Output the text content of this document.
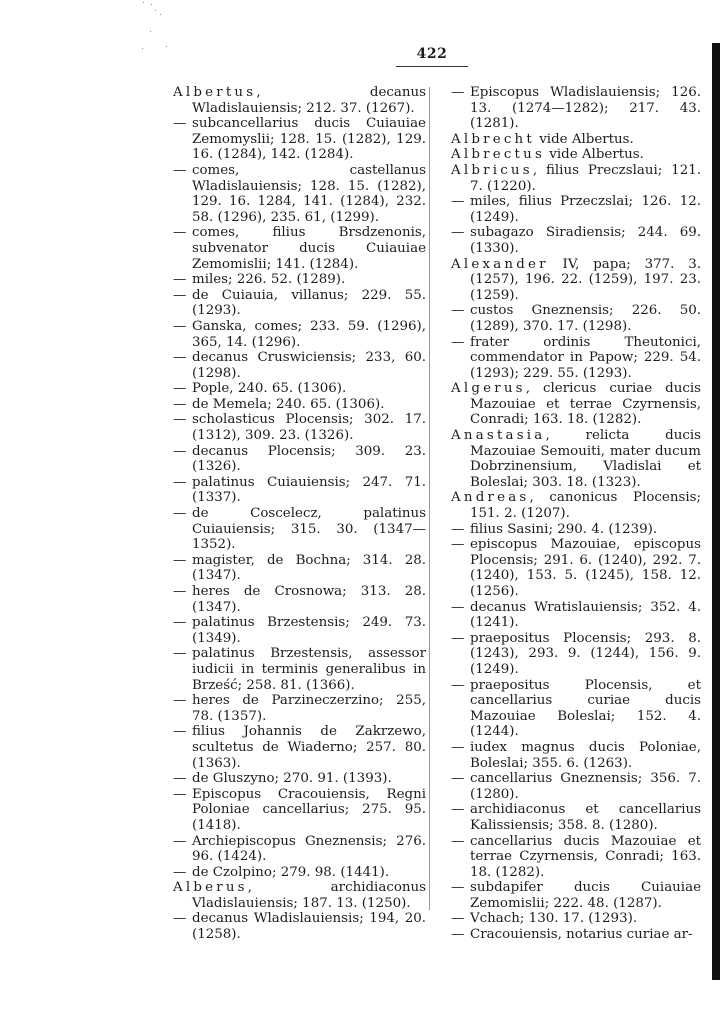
422

Albertus, decanus Wladislauiensis; 212. 37. (1267).

— subcancellarius ducis Cuiauiae Zemomyslii; 128. 15. (1282), 129. 16. (1284), 142. (1284).

— comes, castellanus Wladislauiensis; 128. 15. (1282), 129. 16. 1284, 141. (1284), 232. 58. (1296), 235. 61, (1299).

— comes, filius Brsdzenonis, subvenator ducis Cuiauiae Zemomislii; 141. (1284).

— miles; 226. 52. (1289).

— de Cuiauia, villanus; 229. 55. (1293).

— Ganska, comes; 233. 59. (1296), 365, 14. (1296).

— decanus Cruswiciensis; 233, 60. (1298).

— Pople, 240. 65. (1306).

— de Memela; 240. 65. (1306).

— scholasticus Plocensis; 302. 17. (1312), 309. 23. (1326).

— decanus Plocensis; 309. 23. (1326).

— palatinus Cuiauiensis; 247. 71. (1337).

— de Coscelecz, palatinus Cuiauiensis; 315. 30. (1347—1352).

— magister, de Bochna; 314. 28. (1347).

— heres de Crosnowa; 313. 28. (1347).

— palatinus Brzestensis; 249. 73. (1349).

— palatinus Brzestensis, assessor iudicii in terminis generalibus in Brześć; 258. 81. (1366).

— heres de Parzineczerzino; 255, 78. (1357).

— filius Johannis de Zakrzewo, scultetus de Wiaderno; 257. 80. (1363).

— de Gluszyno; 270. 91. (1393).

— Episcopus Cracouiensis, Regni Poloniae cancellarius; 275. 95. (1418).

— Archiepiscopus Gneznensis; 276. 96. (1424).

— de Czolpino; 279. 98. (1441).

Alberus, archidiaconus Vladislauiensis; 187. 13. (1250).

— decanus Wladislauiensis; 194, 20. (1258).

— Episcopus Wladislauiensis; 126. 13. (1274—1282); 217. 43. (1281).

Albrecht vide Albertus.

Albrectus vide Albertus.

Albricus, filius Preczslaui; 121. 7. (1220).

— miles, filius Przeczslai; 126. 12. (1249).

— subagazo Siradiensis; 244. 69. (1330).

Alexander IV, papa; 377. 3. (1257), 196. 22. (1259), 197. 23. (1259).

— custos Gneznensis; 226. 50. (1289), 370. 17. (1298).

— frater ordinis Theutonici, commendator in Papow; 229. 54. (1293); 229. 55. (1293).

Algerus, clericus curiae ducis Mazouiae et terrae Czyrnensis, Conradi; 163. 18. (1282).

Anastasia, relicta ducis Mazouiae Semouiti, mater ducum Dobrzinensium, Vladislai et Boleslai; 303. 18. (1323).

Andreas, canonicus Plocensis; 151. 2. (1207).

— filius Sasini; 290. 4. (1239).

— episcopus Mazouiae, episcopus Plocensis; 291. 6. (1240), 292. 7. (1240), 153. 5. (1245), 158. 12. (1256).

— decanus Wratislauiensis; 352. 4. (1241).

— praepositus Plocensis; 293. 8. (1243), 293. 9. (1244), 156. 9. (1249).

— praepositus Plocensis, et cancellarius curiae ducis Mazouiae Boleslai; 152. 4. (1244).

— iudex magnus ducis Poloniae, Boleslai; 355. 6. (1263).

— cancellarius Gneznensis; 356. 7. (1280).

— archidiaconus et cancellarius Kalissiensis; 358. 8. (1280).

— cancellarius ducis Mazouiae et terrae Czyrnensis, Conradi; 163. 18. (1282).

— subdapifer ducis Cuiauiae Zemomislii; 222. 48. (1287).

— Vchach; 130. 17. (1293).

— Cracouiensis, notarius curiae ar-
